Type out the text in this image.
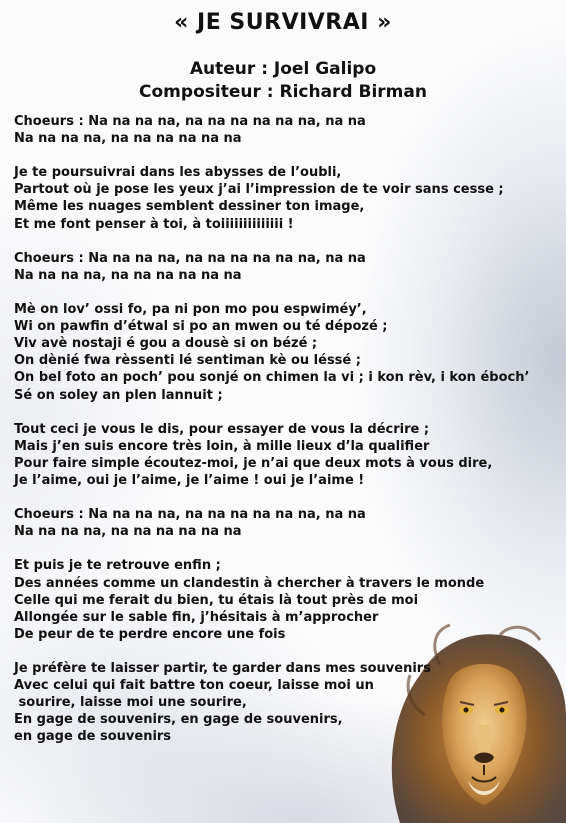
« JE SURVIVRAI »
Auteur : Joel Galipo
Compositeur : Richard Birman
Choeurs : Na na na na, na na na na na na, na na
Na na na na, na na na na na na
Je te poursuivrai dans les abysses de l’oubli,
Partout où je pose les yeux j’ai l’impression de te voir sans cesse ;
Même les nuages semblent dessiner ton image,
Et me font penser à toi, à toiiiiiiiiiiiiii !
Choeurs : Na na na na, na na na na na na, na na
Na na na na, na na na na na na
Mè on lov’ ossi fo, pa ni pon mo pou espwiméy’,
Wi on pawfin d’étwal si po an mwen ou té dépozé ;
Viv avè nostaji é gou a dousè si on bézé ;
On dènié fwa rèssenti lé sentiman kè ou léssé ;
On bel foto an poch’ pou sonjé on chimen la vi ; i kon rèv, i kon éboch’
Sé on soley an plen lannuit ;
Tout ceci je vous le dis, pour essayer de vous la décrire ;
Mais j’en suis encore très loin, à mille lieux d’la qualifier
Pour faire simple écoutez-moi, je n’ai que deux mots à vous dire,
Je l’aime, oui je l’aime, je l’aime ! oui je l’aime !
Choeurs : Na na na na, na na na na na na, na na
Na na na na, na na na na na na
Et puis je te retrouve enfin ;
Des années comme un clandestin à chercher à travers le monde
Celle qui me ferait du bien, tu étais là tout près de moi
Allongée sur le sable fin, j’hésitais à m’approcher
De peur de te perdre encore une fois
Je préfère te laisser partir, te garder dans mes souvenirs
Avec celui qui fait battre ton coeur, laisse moi un
sourire, laisse moi une sourire,
En gage de souvenirs, en gage de souvenirs,
en gage de souvenirs
